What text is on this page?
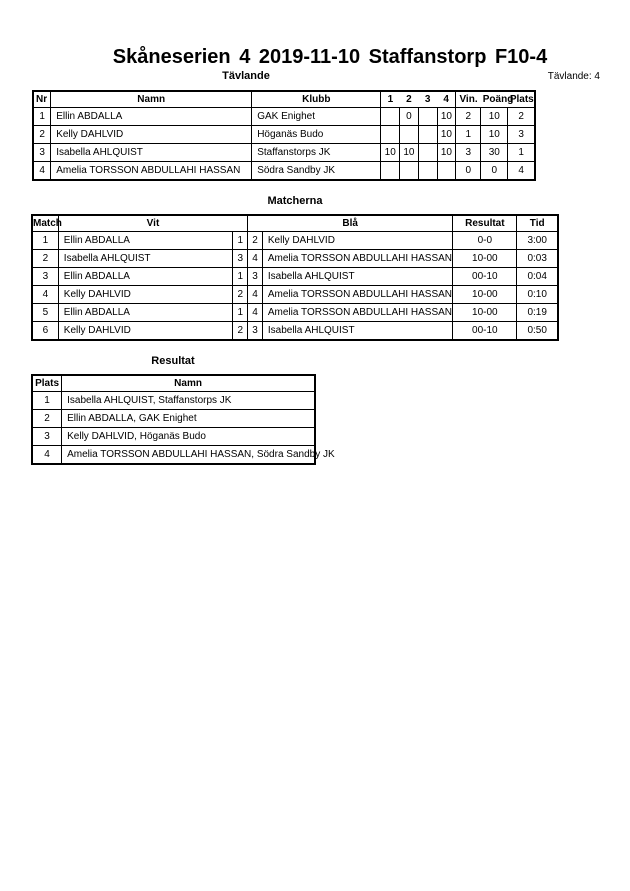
Skåneserien 4 2019-11-10 Staffanstorp F10-4
Tävlande	Tävlande: 4
Nr	Namn	Klubb	1	2	3	4	Vin.	Poäng	Plats
1	Ellin ABDALLA	GAK Enighet		0		10	2	10	2
2	Kelly DAHLVID	Höganäs Budo				10	1	10	3
3	Isabella AHLQUIST	Staffanstorps JK	10	10		10	3	30	1
4	Amelia TORSSON ABDULLAHI HASSAN	Södra Sandby JK					0	0	4
Matcherna
Match	Vit		Blå		Resultat	Tid
1	Ellin ABDALLA	1	2	Kelly DAHLVID	0-0	3:00
2	Isabella AHLQUIST	3	4	Amelia TORSSON ABDULLAHI HASSAN	10-00	0:03
3	Ellin ABDALLA	1	3	Isabella AHLQUIST	00-10	0:04
4	Kelly DAHLVID	2	4	Amelia TORSSON ABDULLAHI HASSAN	10-00	0:10
5	Ellin ABDALLA	1	4	Amelia TORSSON ABDULLAHI HASSAN	10-00	0:19
6	Kelly DAHLVID	2	3	Isabella AHLQUIST	00-10	0:50
Resultat
Plats	Namn
1	Isabella AHLQUIST, Staffanstorps JK
2	Ellin ABDALLA, GAK Enighet
3	Kelly DAHLVID, Höganäs Budo
4	Amelia TORSSON ABDULLAHI HASSAN, Södra Sandby JK
